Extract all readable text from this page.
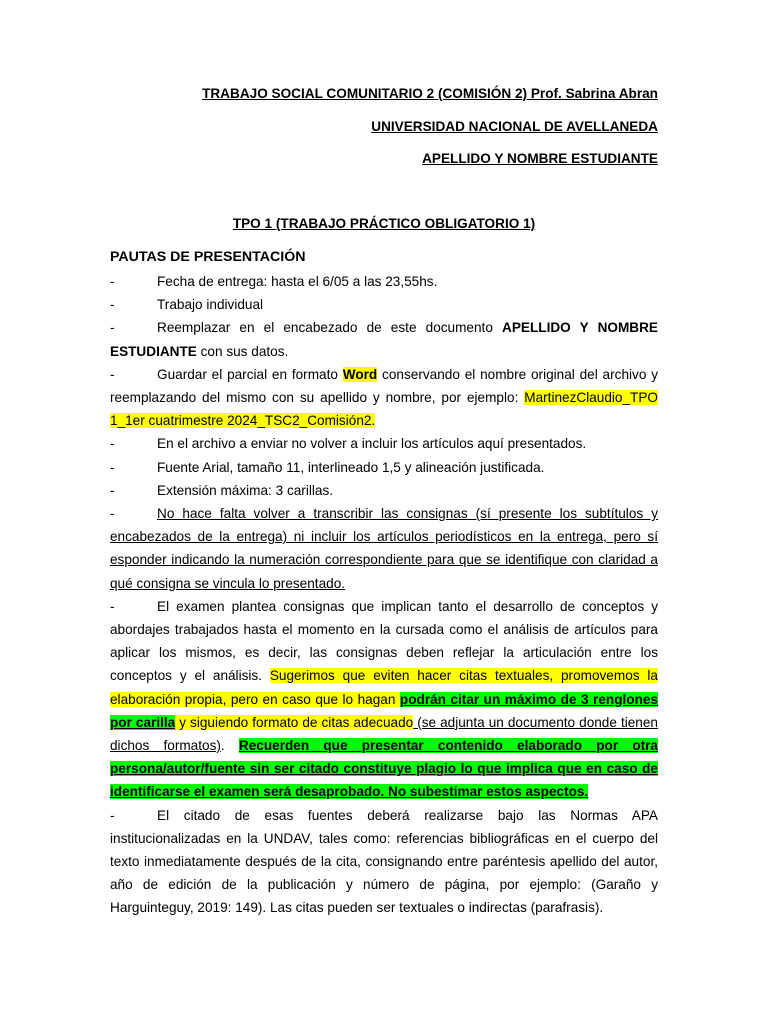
TRABAJO SOCIAL COMUNITARIO 2 (COMISIÓN 2) Prof. Sabrina Abran

UNIVERSIDAD NACIONAL DE AVELLANEDA

APELLIDO Y NOMBRE ESTUDIANTE

TPO 1 (TRABAJO PRÁCTICO OBLIGATORIO 1)

PAUTAS DE PRESENTACIÓN

-	Fecha de entrega: hasta el 6/05 a las 23,55hs.
-	Trabajo individual
-	Reemplazar en el encabezado de este documento APELLIDO Y NOMBRE ESTUDIANTE con sus datos.
-	Guardar el parcial en formato Word conservando el nombre original del archivo y reemplazando del mismo con su apellido y nombre, por ejemplo: MartinezClaudio_TPO 1_1er cuatrimestre 2024_TSC2_Comisión2.
-	En el archivo a enviar no volver a incluir los artículos aquí presentados.
-	Fuente Arial, tamaño 11, interlineado 1,5 y alineación justificada.
-	Extensión máxima: 3 carillas.
-	No hace falta volver a transcribir las consignas (sí presente los subtítulos y encabezados de la entrega) ni incluir los artículos periodísticos en la entrega, pero sí esponder indicando la numeración correspondiente para que se identifique con claridad a qué consigna se vincula lo presentado.
-	El examen plantea consignas que implican tanto el desarrollo de conceptos y abordajes trabajados hasta el momento en la cursada como el análisis de artículos para aplicar los mismos, es decir, las consignas deben reflejar la articulación entre los conceptos y el análisis. Sugerimos que eviten hacer citas textuales, promovemos la elaboración propia, pero en caso que lo hagan podrán citar un máximo de 3 renglones por carilla y siguiendo formato de citas adecuado (se adjunta un documento donde tienen dichos formatos). Recuerden que presentar contenido elaborado por otra persona/autor/fuente sin ser citado constituye plagio lo que implica que en caso de identificarse el examen será desaprobado. No subestimar estos aspectos.
-	El citado de esas fuentes deberá realizarse bajo las Normas APA institucionalizadas en la UNDAV, tales como: referencias bibliográficas en el cuerpo del texto inmediatamente después de la cita, consignando entre paréntesis apellido del autor, año de edición de la publicación y número de página, por ejemplo: (Garaño y Harguinteguy, 2019: 149). Las citas pueden ser textuales o indirectas (parafrasis).
